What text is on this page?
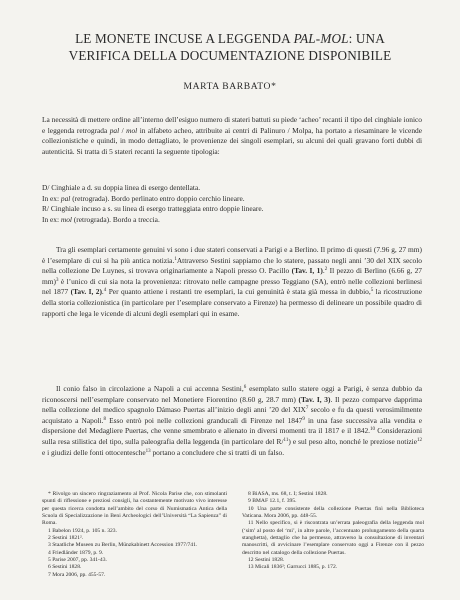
LE MONETE INCUSE A LEGGENDA PAL-MOL: UNA
VERIFICA DELLA DOCUMENTAZIONE DISPONIBILE
MARTA BARBATO*

La necessità di mettere ordine all’interno dell’esiguo numero di stateri battuti su piede ‘acheo’ recanti il tipo del cinghiale ionico e leggenda retrograda pal / mol in alfabeto acheo, attribuite ai centri di Palinuro / Molpa, ha portato a riesaminare le vicende collezionistiche e quindi, in modo dettagliato, le provenienze dei singoli esemplari, su alcuni dei quali gravano forti dubbi di autenticità. Si tratta di 5 stateri recanti la seguente tipologia:

D/ Cinghiale a d. su doppia linea di esergo dentellata.

In ex: pal (retrograda). Bordo perlinato entro doppio cerchio lineare.

R/ Cinghiale incuso a s. su linea di esergo tratteggiata entro doppie lineare.

In ex: mol (retrograda). Bordo a treccia.

Tra gli esemplari certamente genuini vi sono i due stateri conservati a Parigi e a Berlino. Il primo di questi (7.96 g, 27 mm) è l’esemplare di cui si ha più antica notizia.$^1$Attraverso Sestini sappiamo che lo statere, passato negli anni ’30 del XIX secolo nella collezione De Luynes, si trovava originariamente a Napoli presso O. Pacillo (Tav. I, 1).$^2$ Il pezzo di Berlino (6.66 g, 27 mm)$^3$ è l’unico di cui sia nota la provenienza: ritrovato nelle campagne presso Teggiano (SA), entrò nelle collezioni berlinesi nel 1877 (Tav. I, 2).$^4$ Per quanto attiene i restanti tre esemplari, la cui genuinità è stata già messa in dubbio,$^5$ la ricostruzione della storia collezionistica (in particolare per l’esemplare conservato a Firenze) ha permesso di delineare un possibile quadro di rapporti che lega le vicende di alcuni degli esemplari qui in esame.

Il conio falso in circolazione a Napoli a cui accenna Sestini,$^6$ esemplato sullo statere oggi a Parigi, è senza dubbio da riconoscersi nell’esemplare conservato nel Monetiere Fiorentino (8.60 g, 28.7 mm) (Tav. I, 3). Il pezzo comparve dapprima nella collezione del medico spagnolo Dámaso Puertas all’inizio degli anni ’20 del XIX$^7$ secolo e fu da questi verosimilmente acquistato a Napoli.$^8$ Esso entrò poi nelle collezioni granducali di Firenze nel 1847$^9$ in una fase successiva alla vendita e dispersione del Medagliere Puertas, che venne smembrato e alienato in diversi momenti tra il 1817 e il 1842.10 Considerazioni sulla resa stilistica del tipo, sulla paleografia della leggenda (in particolare del R/$^{11}$) e sul peso alto, nonché le preziose notizie$^{12}$ e i giudizi delle fonti ottocentesche$^{13}$ portano a concludere che si tratti di un falso.

* Rivolgo un sincero ringraziamento al Prof. Nicola Parise che, con stimolanti spunti di riflessione e preziosi consigli, ha costantemente motivato vivo interesse per questa ricerca condotta nell’ambito del corso di Numismatica Antica della Scuola di Specializzazione in Beni Archeologici dell’Università “La Sapienza” di Roma.

1 Babelon 1924, p. 105 n. 323.

2 Sestini 1821².

3 Staatliche Museen zu Berlin, Münzkabinett Accession 1977/741.

4 Friedländer 1879, p. 9.

5 Parise 2007, pp. 341-43.

6 Sestini 1828.

7 Mora 2006, pp. 455-57.

8 BiASA, ms. 68, t. I; Sestini 1828.

9 BMAF 12.1, f. 395.

10 Una parte consistente della collezione Puertas finì nella Biblioteca Vaticana. Mora 2006, pp. 448-55.

11 Nello specifico, si è riscontrata un’errata paleografia della leggenda mol (‘sim’ al posto del ‘mi’, in altre parole, l’accentuato prolungamento della quarta stanghetta), dettaglio che ha permesso, attraverso la consultazione di inventari manoscritti, di avvicinare l’esemplare conservato oggi a Firenze con il pezzo descritto nel catalogo della collezione Puertas.

12 Sestini 1828.

13 Micali 1836²; Garrucci 1885, p. 172.
